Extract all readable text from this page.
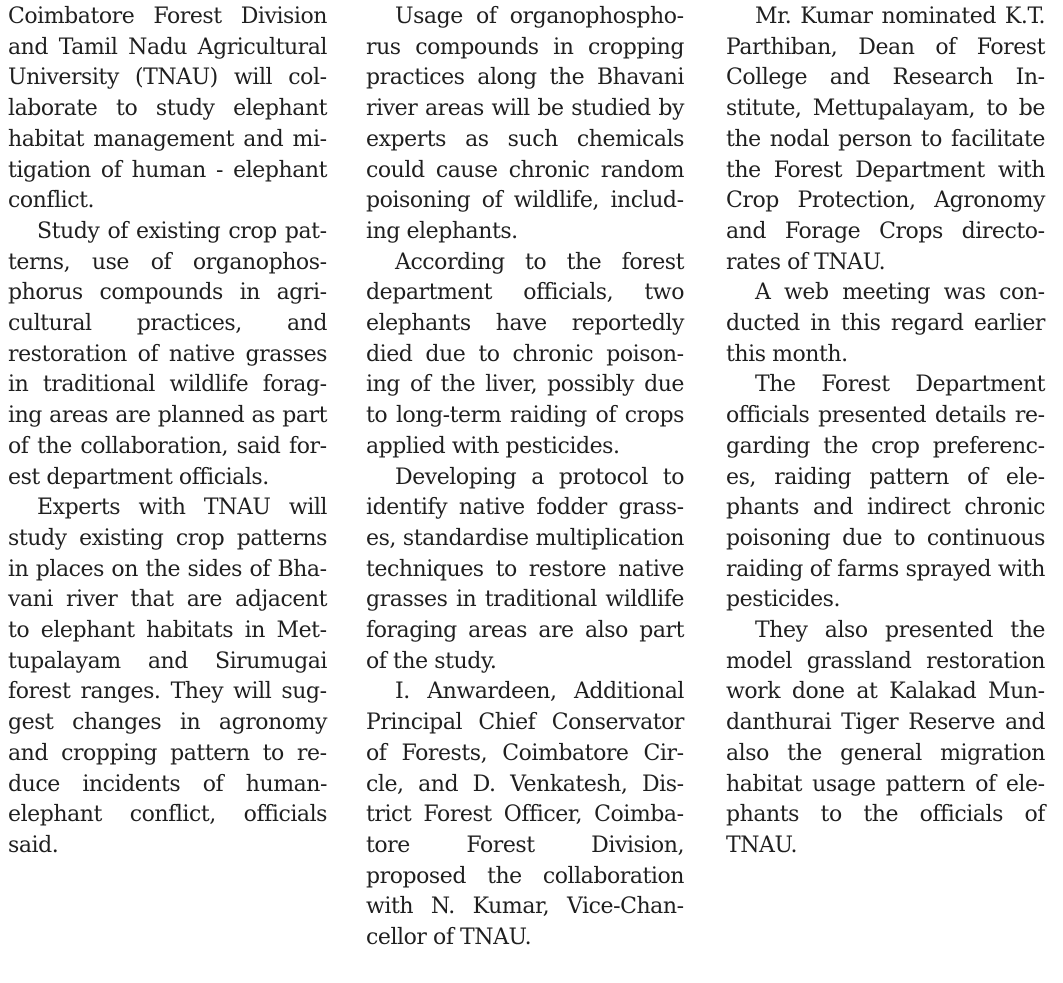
Coimbatore Forest Division and Tamil Nadu Agricultural University (TNAU) will collaborate to study elephant habitat management and mitigation of human - elephant conflict.

Study of existing crop patterns, use of organophosphorus compounds in agricultural practices, and restoration of native grasses in traditional wildlife foraging areas are planned as part of the collaboration, said forest department officials.

Experts with TNAU will study existing crop patterns in places on the sides of Bhavani river that are adjacent to elephant habitats in Mettupalayam and Sirumugai forest ranges. They will suggest changes in agronomy and cropping pattern to reduce incidents of human-elephant conflict, officials said.

Usage of organophosphorus compounds in cropping practices along the Bhavani river areas will be studied by experts as such chemicals could cause chronic random poisoning of wildlife, including elephants.

According to the forest department officials, two elephants have reportedly died due to chronic poisoning of the liver, possibly due to long-term raiding of crops applied with pesticides.

Developing a protocol to identify native fodder grasses, standardise multiplication techniques to restore native grasses in traditional wildlife foraging areas are also part of the study.

I. Anwardeen, Additional Principal Chief Conservator of Forests, Coimbatore Circle, and D. Venkatesh, District Forest Officer, Coimbatore Forest Division, proposed the collaboration with N. Kumar, Vice-Chancellor of TNAU.

Mr. Kumar nominated K.T. Parthiban, Dean of Forest College and Research Institute, Mettupalayam, to be the nodal person to facilitate the Forest Department with Crop Protection, Agronomy and Forage Crops directorates of TNAU.

A web meeting was conducted in this regard earlier this month.

The Forest Department officials presented details regarding the crop preferences, raiding pattern of elephants and indirect chronic poisoning due to continuous raiding of farms sprayed with pesticides.

They also presented the model grassland restoration work done at Kalakad Mundanthurai Tiger Reserve and also the general migration habitat usage pattern of elephants to the officials of TNAU.
